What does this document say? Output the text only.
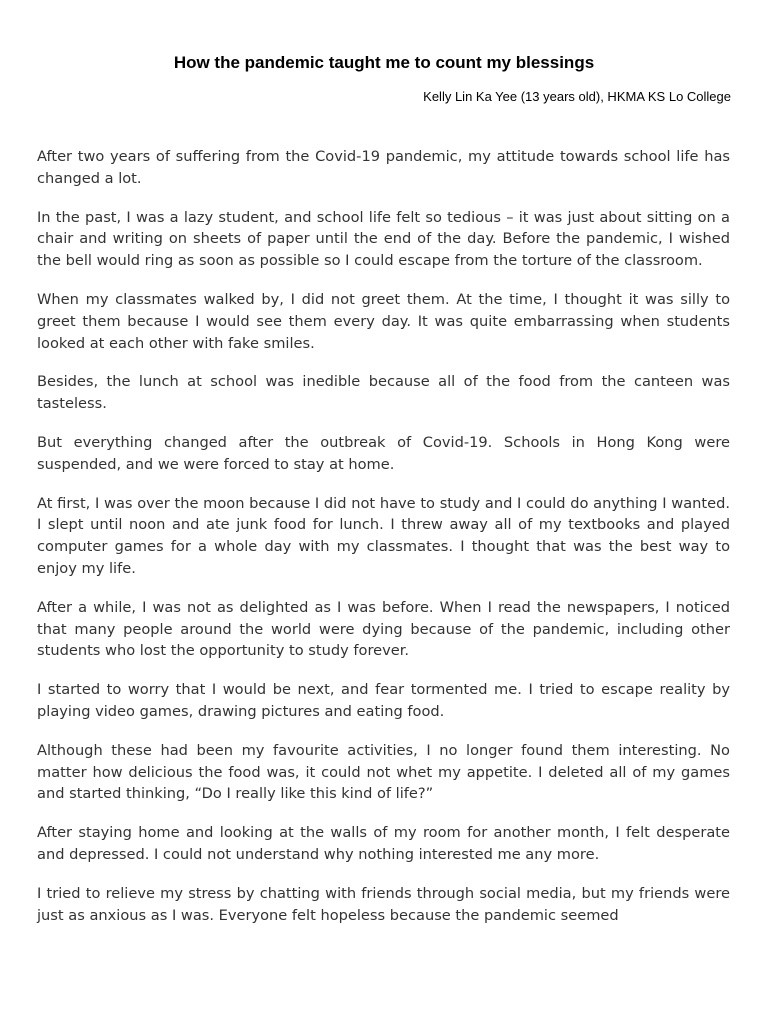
How the pandemic taught me to count my blessings
Kelly Lin Ka Yee (13 years old), HKMA KS Lo College

After two years of suffering from the Covid-19 pandemic, my attitude towards school life has changed a lot.

In the past, I was a lazy student, and school life felt so tedious – it was just about sitting on a chair and writing on sheets of paper until the end of the day. Before the pandemic, I wished the bell would ring as soon as possible so I could escape from the torture of the classroom.

When my classmates walked by, I did not greet them. At the time, I thought it was silly to greet them because I would see them every day. It was quite embarrassing when students looked at each other with fake smiles.

Besides, the lunch at school was inedible because all of the food from the canteen was tasteless.

But everything changed after the outbreak of Covid-19. Schools in Hong Kong were suspended, and we were forced to stay at home.

At first, I was over the moon because I did not have to study and I could do anything I wanted. I slept until noon and ate junk food for lunch. I threw away all of my textbooks and played computer games for a whole day with my classmates. I thought that was the best way to enjoy my life.

After a while, I was not as delighted as I was before. When I read the newspapers, I noticed that many people around the world were dying because of the pandemic, including other students who lost the opportunity to study forever.

I started to worry that I would be next, and fear tormented me. I tried to escape reality by playing video games, drawing pictures and eating food.

Although these had been my favourite activities, I no longer found them interesting. No matter how delicious the food was, it could not whet my appetite. I deleted all of my games and started thinking, “Do I really like this kind of life?”

After staying home and looking at the walls of my room for another month, I felt desperate and depressed. I could not understand why nothing interested me any more.

I tried to relieve my stress by chatting with friends through social media, but my friends were just as anxious as I was. Everyone felt hopeless because the pandemic seemed
